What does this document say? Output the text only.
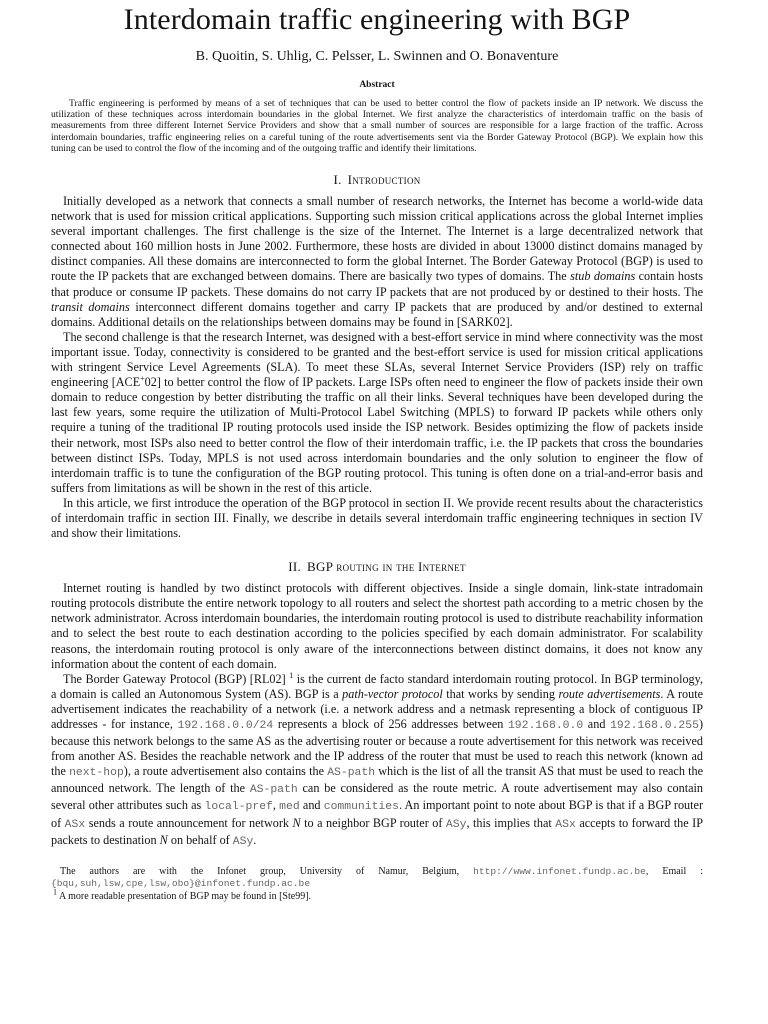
Interdomain traffic engineering with BGP
B. Quoitin, S. Uhlig, C. Pelsser, L. Swinnen and O. Bonaventure
Abstract
Traffic engineering is performed by means of a set of techniques that can be used to better control the flow of packets inside an IP network. We discuss the utilization of these techniques across interdomain boundaries in the global Internet. We first analyze the characteristics of interdomain traffic on the basis of measurements from three different Internet Service Providers and show that a small number of sources are responsible for a large fraction of the traffic. Across interdomain boundaries, traffic engineering relies on a careful tuning of the route advertisements sent via the Border Gateway Protocol (BGP). We explain how this tuning can be used to control the flow of the incoming and of the outgoing traffic and identify their limitations.
I. Introduction

Initially developed as a network that connects a small number of research networks, the Internet has become a world-wide data network that is used for mission critical applications. Supporting such mission critical applications across the global Internet implies several important challenges. The first challenge is the size of the Internet. The Internet is a large decentralized network that connected about 160 million hosts in June 2002. Furthermore, these hosts are divided in about 13000 distinct domains managed by distinct companies. All these domains are interconnected to form the global Internet. The Border Gateway Protocol (BGP) is used to route the IP packets that are exchanged between domains. There are basically two types of domains. The stub domains contain hosts that produce or consume IP packets. These domains do not carry IP packets that are not produced by or destined to their hosts. The transit domains interconnect different domains together and carry IP packets that are produced by and/or destined to external domains. Additional details on the relationships between domains may be found in [SARK02].

The second challenge is that the research Internet, was designed with a best-effort service in mind where connectivity was the most important issue. Today, connectivity is considered to be granted and the best-effort service is used for mission critical applications with stringent Service Level Agreements (SLA). To meet these SLAs, several Internet Service Providers (ISP) rely on traffic engineering [ACE+02] to better control the flow of IP packets. Large ISPs often need to engineer the flow of packets inside their own domain to reduce congestion by better distributing the traffic on all their links. Several techniques have been developed during the last few years, some require the utilization of Multi-Protocol Label Switching (MPLS) to forward IP packets while others only require a tuning of the traditional IP routing protocols used inside the ISP network. Besides optimizing the flow of packets inside their network, most ISPs also need to better control the flow of their interdomain traffic, i.e. the IP packets that cross the boundaries between distinct ISPs. Today, MPLS is not used across interdomain boundaries and the only solution to engineer the flow of interdomain traffic is to tune the configuration of the BGP routing protocol. This tuning is often done on a trial-and-error basis and suffers from limitations as will be shown in the rest of this article.

In this article, we first introduce the operation of the BGP protocol in section II. We provide recent results about the characteristics of interdomain traffic in section III. Finally, we describe in details several interdomain traffic engineering techniques in section IV and show their limitations.

II. BGP routing in the Internet

Internet routing is handled by two distinct protocols with different objectives. Inside a single domain, link-state intradomain routing protocols distribute the entire network topology to all routers and select the shortest path according to a metric chosen by the network administrator. Across interdomain boundaries, the interdomain routing protocol is used to distribute reachability information and to select the best route to each destination according to the policies specified by each domain administrator. For scalability reasons, the interdomain routing protocol is only aware of the interconnections between distinct domains, it does not know any information about the content of each domain.

The Border Gateway Protocol (BGP) [RL02] $^1$ is the current de facto standard interdomain routing protocol. In BGP terminology, a domain is called an Autonomous System (AS). BGP is a path-vector protocol that works by sending route advertisements. A route advertisement indicates the reachability of a network (i.e. a network address and a netmask representing a block of contiguous IP addresses - for instance, 192.168.0.0/24 represents a block of 256 addresses between 192.168.0.0 and 192.168.0.255) because this network belongs to the same AS as the advertising router or because a route advertisement for this network was received from another AS. Besides the reachable network and the IP address of the router that must be used to reach this network (known ad the next-hop), a route advertisement also contains the AS-path which is the list of all the transit AS that must be used to reach the announced network. The length of the AS-path can be considered as the route metric. A route advertisement may also contain several other attributes such as local-pref, med and communities. An important point to note about BGP is that if a BGP router of ASx sends a route announcement for network N to a neighbor BGP router of ASy, this implies that ASx accepts to forward the IP packets to destination N on behalf of ASy.

The authors are with the Infonet group, University of Namur, Belgium, http://www.infonet.fundp.ac.be, Email : {bqu,suh,lsw,cpe,lsw,obo}@infonet.fundp.ac.be
$^1$ A more readable presentation of BGP may be found in [Ste99].
